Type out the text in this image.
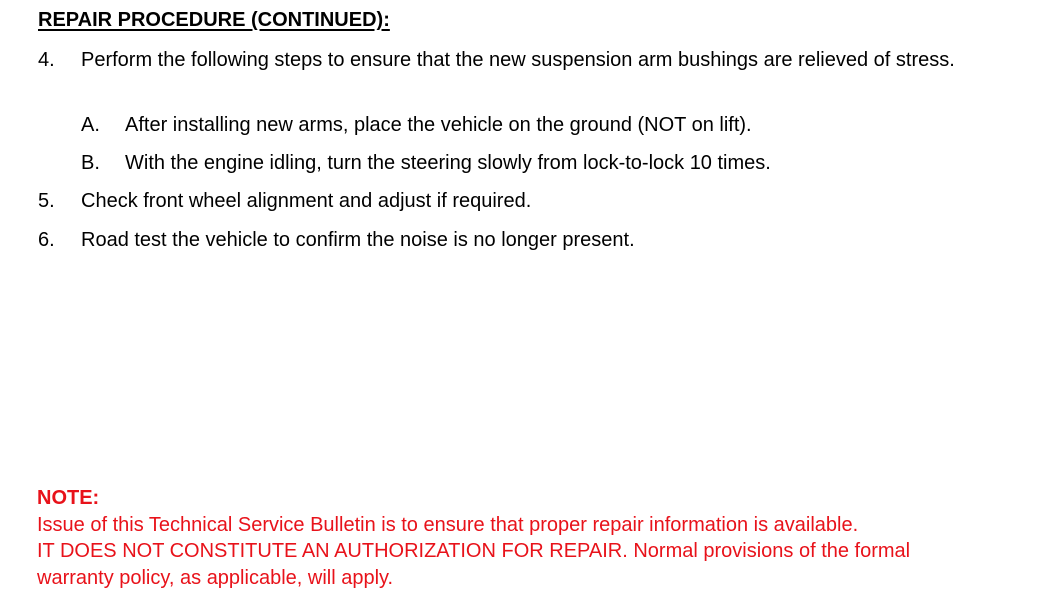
REPAIR PROCEDURE (CONTINUED):
4. Perform the following steps to ensure that the new suspension arm bushings are relieved of stress.
A. After installing new arms, place the vehicle on the ground (NOT on lift).
B. With the engine idling, turn the steering slowly from lock-to-lock 10 times.
5. Check front wheel alignment and adjust if required.
6. Road test the vehicle to confirm the noise is no longer present.
NOTE:
Issue of this Technical Service Bulletin is to ensure that proper repair information is available.
IT DOES NOT CONSTITUTE AN AUTHORIZATION FOR REPAIR. Normal provisions of the formal
warranty policy, as applicable, will apply.
